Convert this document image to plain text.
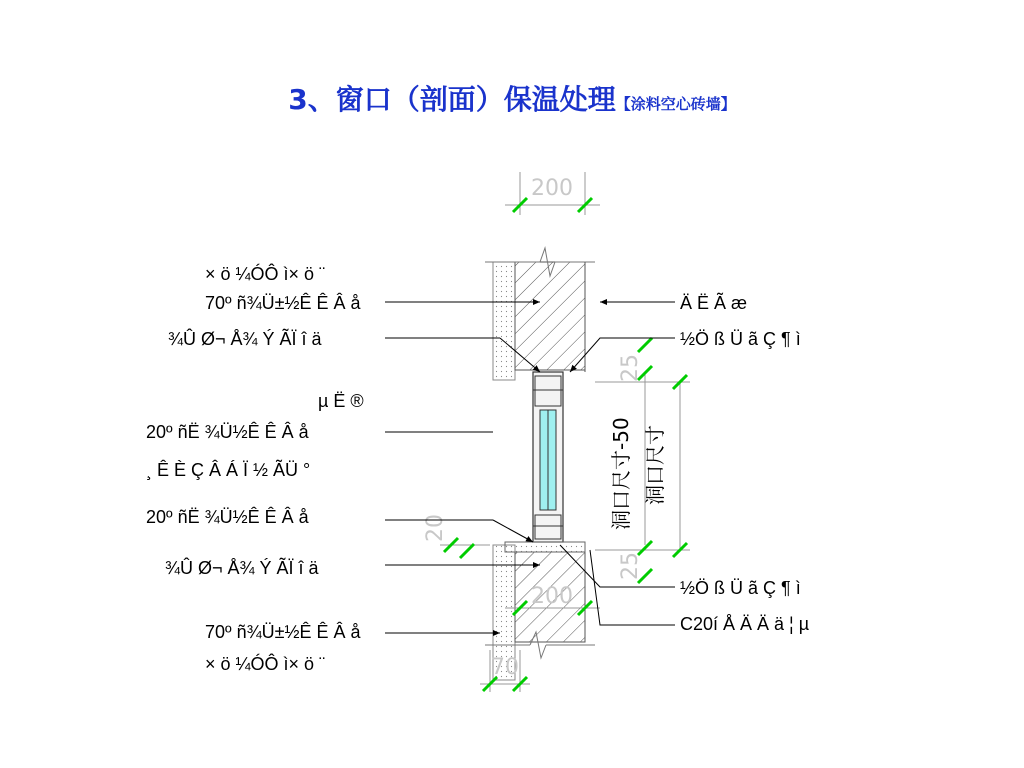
3、窗口（剖面）保温处理【涂料空心砖墙】
200
200
70
20
25
25
洞口尺寸-50 洞口尺寸
× ö ¼ÓÔ ì× ö ¨
70º ñ¾Ü±½Ê Ê Â å
¾Û Ø¬ Å¾ Ý ÃÏ î ä
µ Ë ®
20º ñË ¾Ü½Ê Ê Â å
¸ Ê È Ç Â Á Ï ½ ÃÜ °
20º ñË ¾Ü½Ê Ê Â å
¾Û Ø¬ Å¾ Ý ÃÏ î ä
70º ñ¾Ü±½Ê Ê Â å
× ö ¼ÓÔ ì× ö ¨
Ä Ë Ã æ
½Ö ß Ü ã Ç ¶ ì
½Ö ß Ü ã Ç ¶ ì
C20í Å Ä Ä ä ¦ µ
